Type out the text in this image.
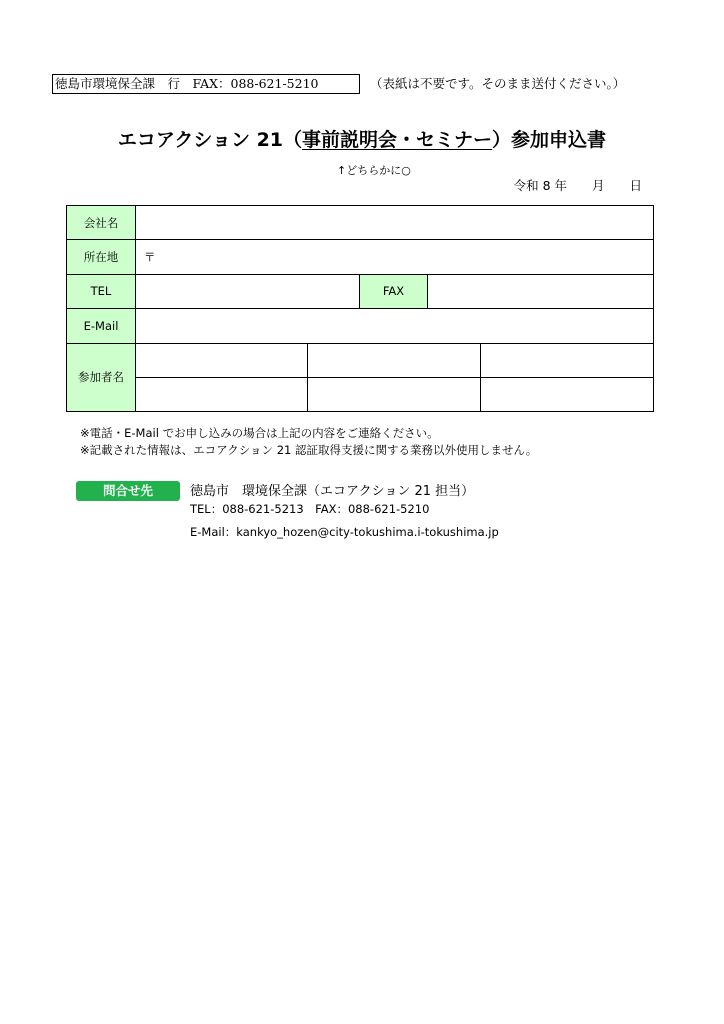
徳島市環境保全課　行　FAX：088‐621‐5210	（表紙は不要です。そのまま送付ください。）
エコアクション 21（事前説明会・セミナー）参加申込書
↑どちらかに○
令和 8 年　　月　　日
会社名					
所在地	〒				
TEL			FAX		
E-Mail					
参加者名					

※電話・E-Mail でお申し込みの場合は上記の内容をご連絡ください。
※記載された情報は、エコアクション 21 認証取得支援に関する業務以外使用しません。
問合せ先	徳島市　環境保全課（エコアクション 21 担当）
TEL：088-621-5213　FAX：088-621-5210
E-Mail：kankyo_hozen@city-tokushima.i-tokushima.jp
